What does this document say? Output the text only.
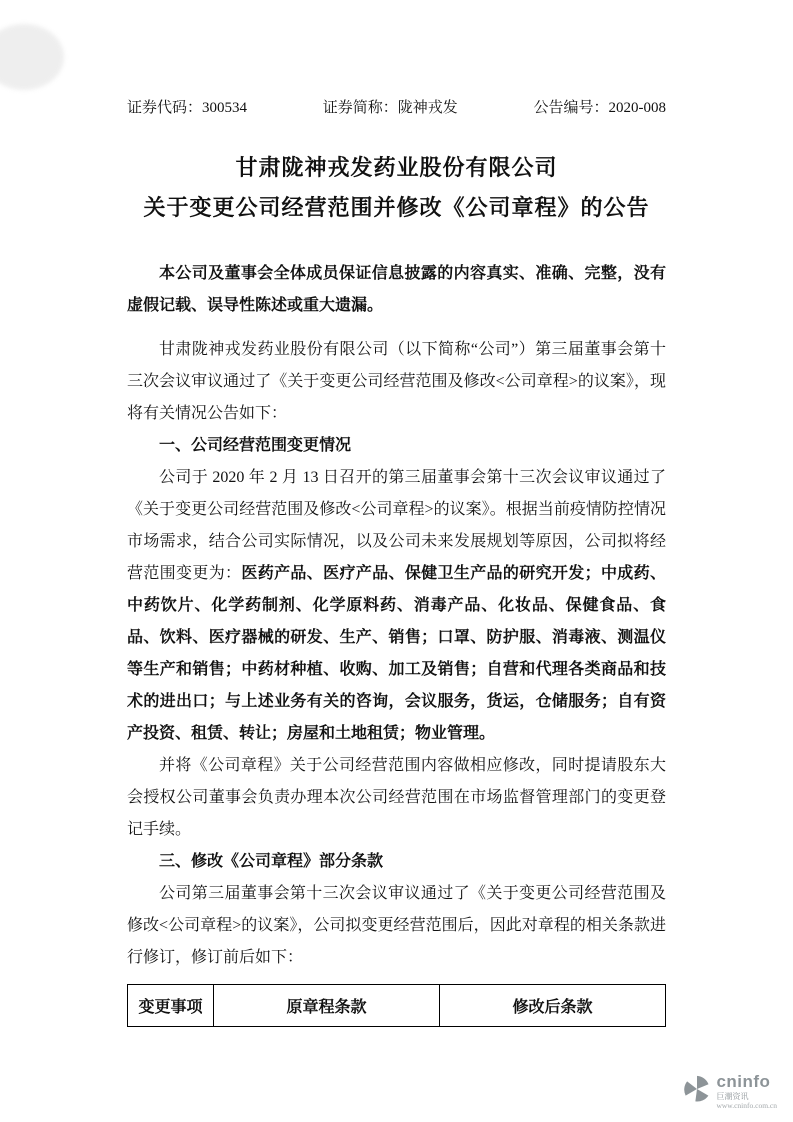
证券代码：300534	证券简称：陇神戎发	公告编号：2020-008
甘肃陇神戎发药业股份有限公司
关于变更公司经营范围并修改《公司章程》的公告

本公司及董事会全体成员保证信息披露的内容真实、准确、完整，没有虚假记载、误导性陈述或重大遗漏。

甘肃陇神戎发药业股份有限公司（以下简称“公司”）第三届董事会第十三次会议审议通过了《关于变更公司经营范围及修改<公司章程>的议案》，现将有关情况公告如下：

一、公司经营范围变更情况

公司于 2020 年 2 月 13 日召开的第三届董事会第十三次会议审议通过了《关于变更公司经营范围及修改<公司章程>的议案》。根据当前疫情防控情况市场需求，结合公司实际情况，以及公司未来发展规划等原因，公司拟将经营范围变更为：医药产品、医疗产品、保健卫生产品的研究开发；中成药、中药饮片、化学药制剂、化学原料药、消毒产品、化妆品、保健食品、食品、饮料、医疗器械的研发、生产、销售；口罩、防护服、消毒液、测温仪等生产和销售；中药材种植、收购、加工及销售；自营和代理各类商品和技术的进出口；与上述业务有关的咨询，会议服务，货运，仓储服务；自有资产投资、租赁、转让；房屋和土地租赁；物业管理。

并将《公司章程》关于公司经营范围内容做相应修改，同时提请股东大会授权公司董事会负责办理本次公司经营范围在市场监督管理部门的变更登记手续。

三、修改《公司章程》部分条款

公司第三届董事会第十三次会议审议通过了《关于变更公司经营范围及修改<公司章程>的议案》，公司拟变更经营范围后，因此对章程的相关条款进行修订，修订前后如下：

变更事项	原章程条款	修改后条款
cninfo
巨潮资讯
www.cninfo.com.cn
